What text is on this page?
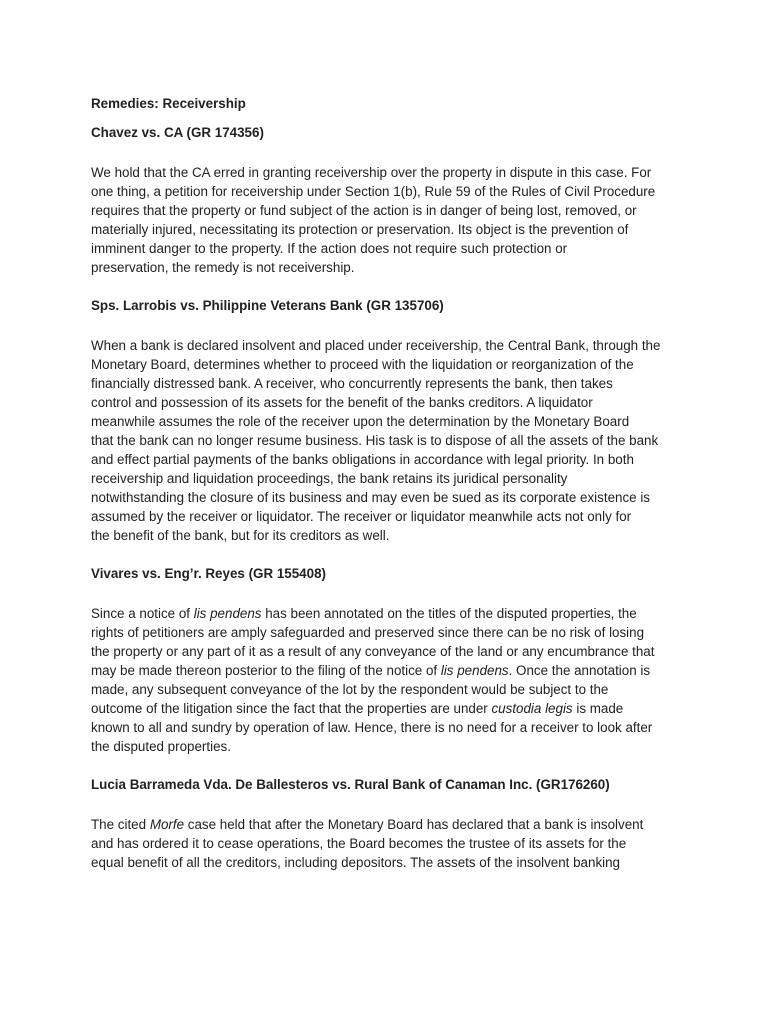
Remedies: Receivership

Chavez vs. CA (GR 174356)

We hold that the CA erred in granting receivership over the property in dispute in this case. For
one thing, a petition for receivership under Section 1(b), Rule 59 of the Rules of Civil Procedure
requires that the property or fund subject of the action is in danger of being lost, removed, or
materially injured, necessitating its protection or preservation. Its object is the prevention of
imminent danger to the property. If the action does not require such protection or
preservation, the remedy is not receivership.

Sps. Larrobis vs. Philippine Veterans Bank (GR 135706)

When a bank is declared insolvent and placed under receivership, the Central Bank, through the
Monetary Board, determines whether to proceed with the liquidation or reorganization of the
financially distressed bank. A receiver, who concurrently represents the bank, then takes
control and possession of its assets for the benefit of the banks creditors. A liquidator
meanwhile assumes the role of the receiver upon the determination by the Monetary Board
that the bank can no longer resume business. His task is to dispose of all the assets of the bank
and effect partial payments of the banks obligations in accordance with legal priority. In both
receivership and liquidation proceedings, the bank retains its juridical personality
notwithstanding the closure of its business and may even be sued as its corporate existence is
assumed by the receiver or liquidator. The receiver or liquidator meanwhile acts not only for
the benefit of the bank, but for its creditors as well.

Vivares vs. Eng’r. Reyes (GR 155408)

Since a notice of lis pendens has been annotated on the titles of the disputed properties, the
rights of petitioners are amply safeguarded and preserved since there can be no risk of losing
the property or any part of it as a result of any conveyance of the land or any encumbrance that
may be made thereon posterior to the filing of the notice of lis pendens. Once the annotation is
made, any subsequent conveyance of the lot by the respondent would be subject to the
outcome of the litigation since the fact that the properties are under custodia legis is made
known to all and sundry by operation of law. Hence, there is no need for a receiver to look after
the disputed properties.

Lucia Barrameda Vda. De Ballesteros vs. Rural Bank of Canaman Inc. (GR176260)

The cited Morfe case held that after the Monetary Board has declared that a bank is insolvent
and has ordered it to cease operations, the Board becomes the trustee of its assets for the
equal benefit of all the creditors, including depositors. The assets of the insolvent banking
